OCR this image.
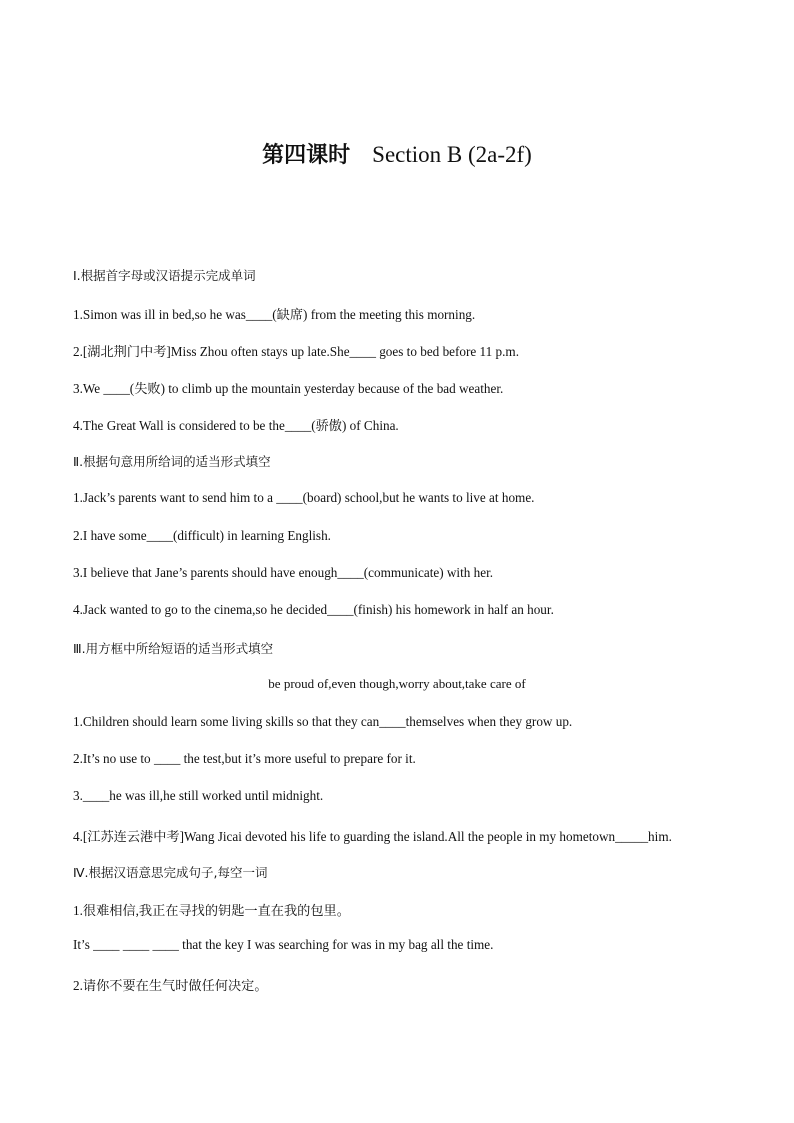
第四课时 Section B (2a-2f)
Ⅰ.根据首字母或汉语提示完成单词
1.Simon was ill in bed,so he was____(缺席) from the meeting this morning.
2.[湖北荆门中考]Miss Zhou often stays up late.She____ goes to bed before 11 p.m.
3.We ____(失败) to climb up the mountain yesterday because of the bad weather.
4.The Great Wall is considered to be the____(骄傲) of China.
Ⅱ.根据句意用所给词的适当形式填空
1.Jack’s parents want to send him to a ____(board) school,but he wants to live at home.
2.I have some____(difficult) in learning English.
3.I believe that Jane’s parents should have enough____(communicate) with her.
4.Jack wanted to go to the cinema,so he decided____(finish) his homework in half an hour.
Ⅲ.用方框中所给短语的适当形式填空
be proud of,even though,worry about,take care of
1.Children should learn some living skills so that they can____themselves when they grow up.
2.It’s no use to ____ the test,but it’s more useful to prepare for it.
3.____he was ill,he still worked until midnight.
4.[江苏连云港中考]Wang Jicai devoted his life to guarding the island.All the people in my hometown_____him.
Ⅳ.根据汉语意思完成句子,每空一词
1.很难相信,我正在寻找的钥匙一直在我的包里。
It’s ____ ____ ____ that the key I was searching for was in my bag all the time.
2.请你不要在生气时做任何决定。
